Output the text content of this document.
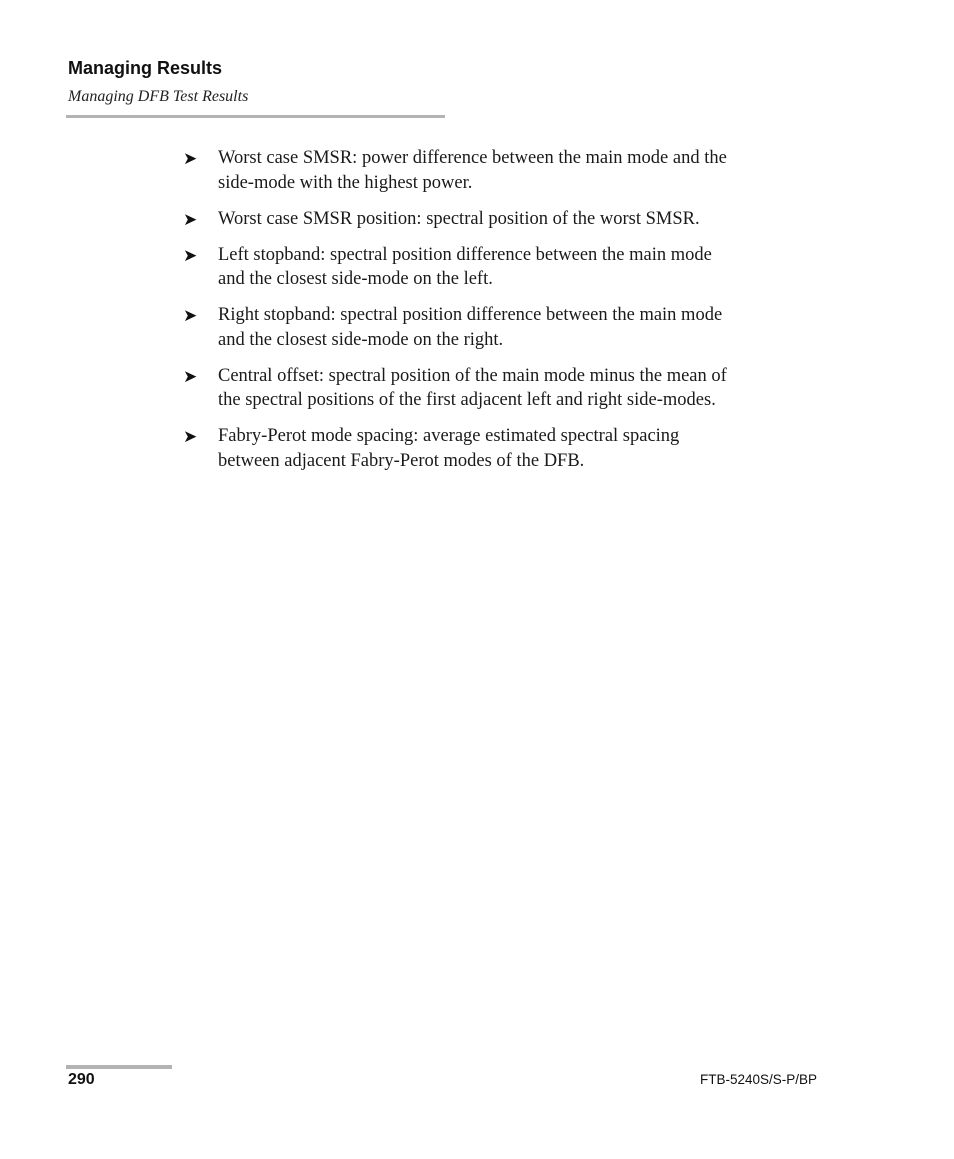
Managing Results
Managing DFB Test Results
➤ Worst case SMSR: power difference between the main mode and the
side-mode with the highest power.
➤ Worst case SMSR position: spectral position of the worst SMSR.
➤ Left stopband: spectral position difference between the main mode
and the closest side-mode on the left.
➤ Right stopband: spectral position difference between the main mode
and the closest side-mode on the right.
➤ Central offset: spectral position of the main mode minus the mean of
the spectral positions of the first adjacent left and right side-modes.
➤ Fabry-Perot mode spacing: average estimated spectral spacing
between adjacent Fabry-Perot modes of the DFB.
290	FTB-5240S/S-P/BP
